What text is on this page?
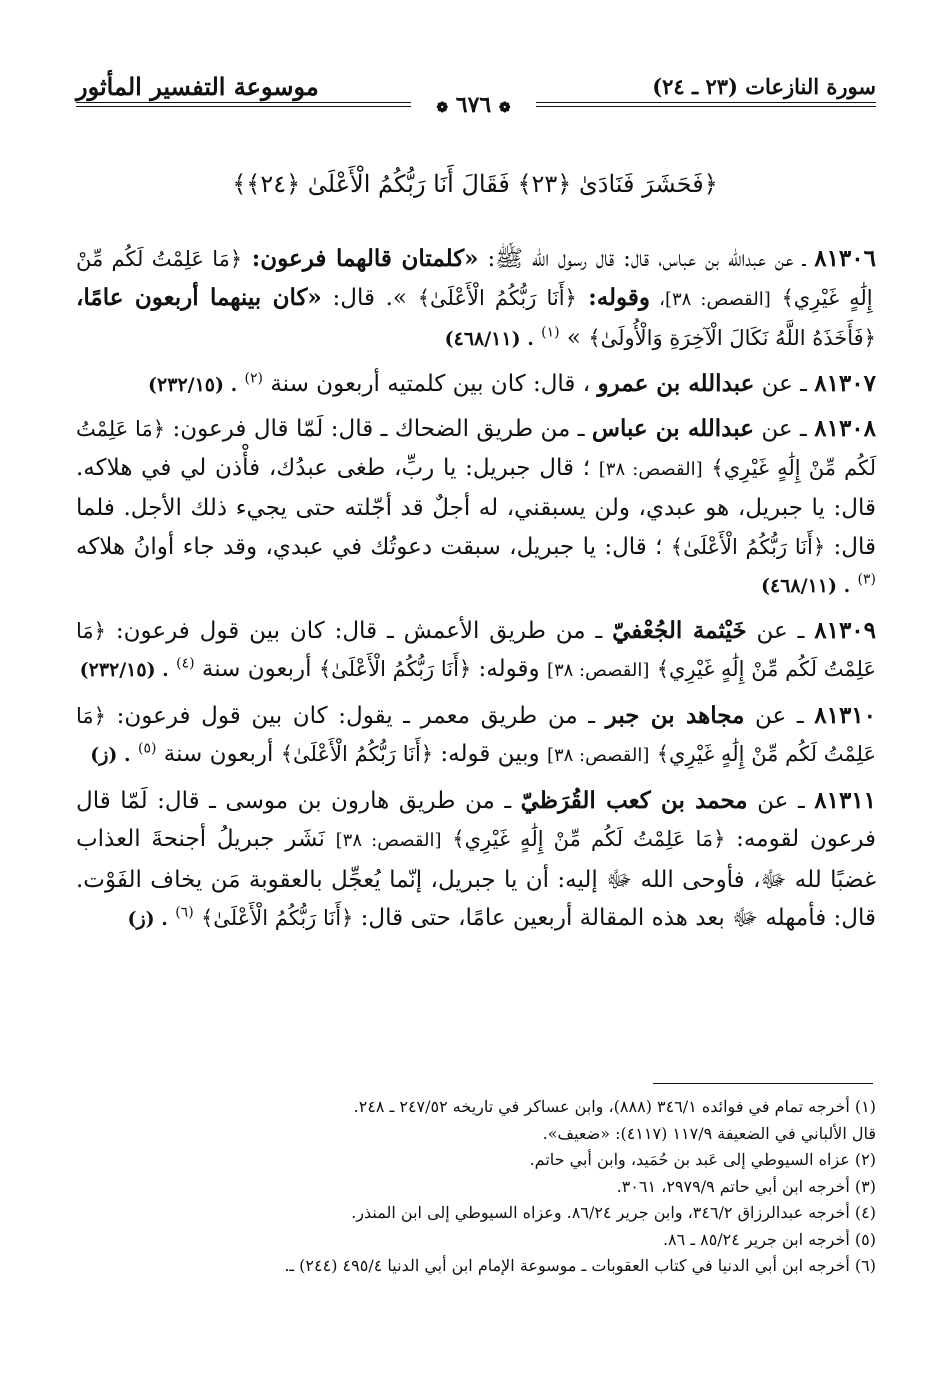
موسوعة التفسير المأثور	سورة النازعات (٢٣ ـ ٢٤)
❁ ٦٧٦ ❁
﴿فَحَشَرَ فَنَادَىٰ ﴿٢٣﴾ فَقَالَ أَنَا رَبُّكُمُ الْأَعْلَىٰ ﴿٢٤﴾﴾

٨١٣٠٦ ـ عن عبدالله بن عباس، قال: قال رسول الله ﷺ: «كلمتان قالهما فرعون: ﴿مَا عَلِمْتُ لَكُم مِّنْ إِلَٰهٍ غَيْرِي﴾ [القصص: ٣٨]، وقوله: ﴿أَنَا رَبُّكُمُ الْأَعْلَىٰ﴾ ». قال: «كان بينهما أربعون عامًا، ﴿فَأَخَذَهُ اللَّهُ نَكَالَ الْآخِرَةِ وَالْأُولَىٰ﴾ » $^{(١)}$ . (٤٦٨/١١)

٨١٣٠٧ ـ عن عبدالله بن عمرو ، قال: كان بين كلمتيه أربعون سنة $^{(٢)}$ . (٢٣٢/١٥)

٨١٣٠٨ ـ عن عبدالله بن عباس ـ من طريق الضحاك ـ قال: لَمّا قال فرعون: ﴿مَا عَلِمْتُ لَكُم مِّنْ إِلَٰهٍ غَيْرِي﴾ [القصص: ٣٨] ؛ قال جبريل: يا ربِّ، طغى عبدُك، فأْذن لي في هلاكه. قال: يا جبريل، هو عبدي، ولن يسبقني، له أجلٌ قد أجّلته حتى يجيء ذلك الأجل. فلما قال: ﴿أَنَا رَبُّكُمُ الْأَعْلَىٰ﴾ ؛ قال: يا جبريل، سبقت دعوتُك في عبدي، وقد جاء أوانُ هلاكه $^{(٣)}$ . (٤٦٨/١١)

٨١٣٠٩ ـ عن خَيْثمة الجُعْفيّ ـ من طريق الأعمش ـ قال: كان بين قول فرعون: ﴿مَا عَلِمْتُ لَكُم مِّنْ إِلَٰهٍ غَيْرِي﴾ [القصص: ٣٨] وقوله: ﴿أَنَا رَبُّكُمُ الْأَعْلَىٰ﴾ أربعون سنة $^{(٤)}$ . (٢٣٢/١٥)

٨١٣١٠ ـ عن مجاهد بن جبر ـ من طريق معمر ـ يقول: كان بين قول فرعون: ﴿مَا عَلِمْتُ لَكُم مِّنْ إِلَٰهٍ غَيْرِي﴾ [القصص: ٣٨] وبين قوله: ﴿أَنَا رَبُّكُمُ الْأَعْلَىٰ﴾ أربعون سنة $^{(٥)}$ . (ز)

٨١٣١١ ـ عن محمد بن كعب القُرَظيّ ـ من طريق هارون بن موسى ـ قال: لَمّا قال فرعون لقومه: ﴿مَا عَلِمْتُ لَكُم مِّنْ إِلَٰهٍ غَيْرِي﴾ [القصص: ٣٨] نَشَر جبريلُ أجنحةَ العذاب غضبًا لله ﷻ، فأوحى الله ﷻ إليه: أن يا جبريل، إنّما يُعجِّل بالعقوبة مَن يخاف الفَوْت. قال: فأمهله ﷻ بعد هذه المقالة أربعين عامًا، حتى قال: ﴿أَنَا رَبُّكُمُ الْأَعْلَىٰ﴾ $^{(٦)}$ . (ز)

(١) أخرجه تمام في فوائده ٣٤٦/١ (٨٨٨)، وابن عساكر في تاريخه ٢٤٧/٥٢ ـ ٢٤٨.
قال الألباني في الضعيفة ١١٧/٩ (٤١١٧): «ضعيف».
(٢) عزاه السيوطي إلى عَبد بن حُمَيد، وابن أبي حاتم.
(٣) أخرجه ابن أبي حاتم ٢٩٧٩/٩، ٣٠٦١.
(٤) أخرجه عبدالرزاق ٣٤٦/٢، وابن جرير ٨٦/٢٤. وعزاه السيوطي إلى ابن المنذر.
(٥) أخرجه ابن جرير ٨٥/٢٤ ـ ٨٦.
(٦) أخرجه ابن أبي الدنيا في كتاب العقوبات ـ موسوعة الإمام ابن أبي الدنيا ٤٩٥/٤ (٢٤٤) ـ.
